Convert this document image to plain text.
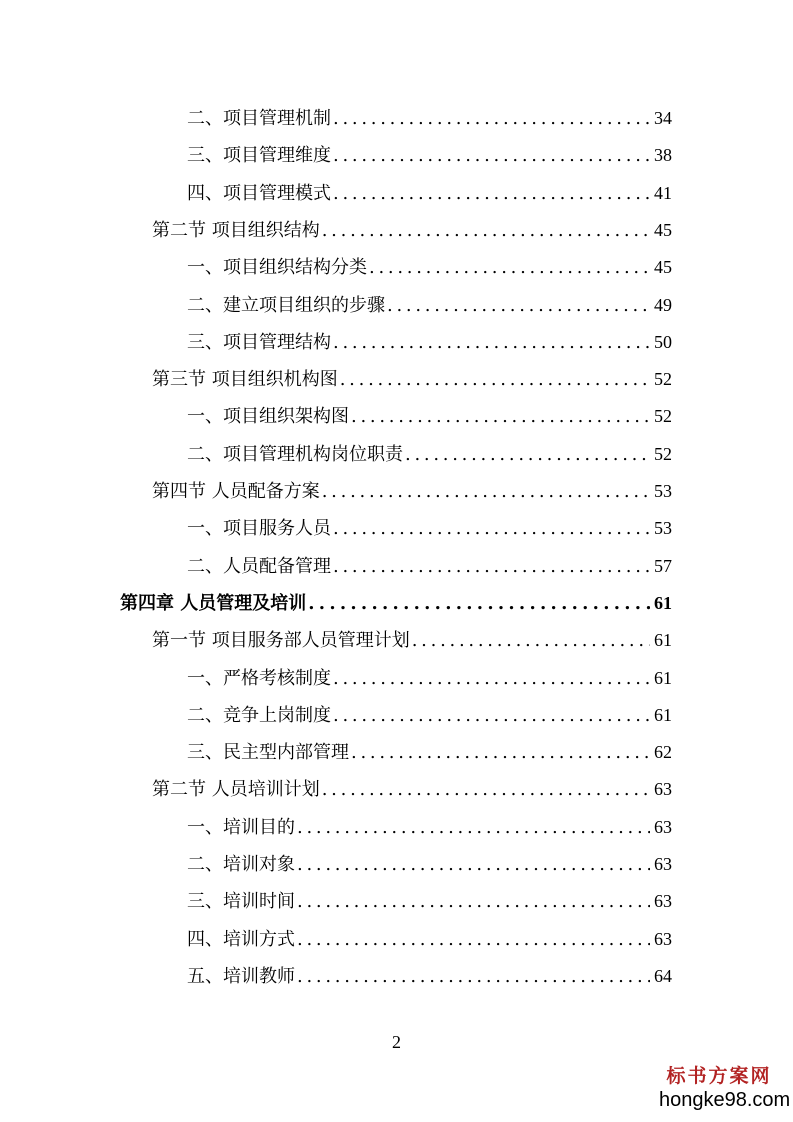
二、项目管理机制 . . .	34
三、项目管理维度 . . .	38
四、项目管理模式 . . .	41
第二节 项目组织结构 . . .	45
一、项目组织结构分类 . . .	45
二、建立项目组织的步骤 . . .	49
三、项目管理结构 . . .	50
第三节 项目组织机构图 . . .	52
一、项目组织架构图 . . .	52
二、项目管理机构岗位职责 . . .	52
第四节 人员配备方案 . . .	53
一、项目服务人员 . . .	53
二、人员配备管理 . . .	57
第四章 人员管理及培训 . . .	61
第一节 项目服务部人员管理计划 . . .	61
一、严格考核制度 . . .	61
二、竞争上岗制度 . . .	61
三、民主型内部管理 . . .	62
第二节 人员培训计划 . . .	63
一、培训目的 . . .	63
二、培训对象 . . .	63
三、培训时间 . . .	63
四、培训方式 . . .	63
五、培训教师 . . .	64
2
标书方案网
hongke98.com
